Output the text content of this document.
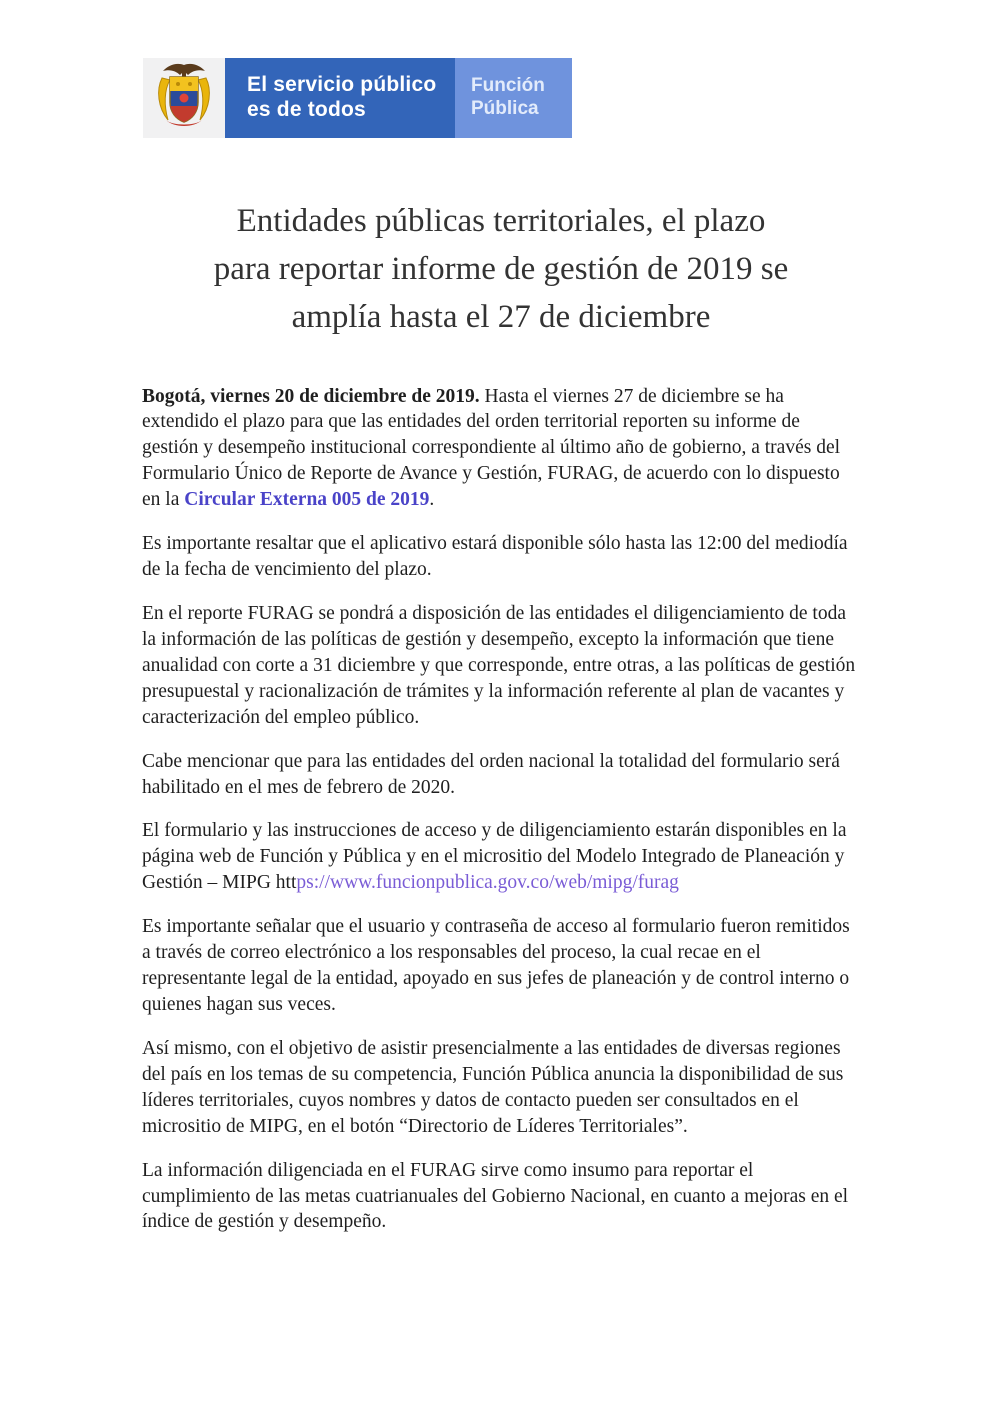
El servicio público
es de todos
Función
Pública
Entidades públicas territoriales, el plazo
para reportar informe de gestión de 2019 se
amplía hasta el 27 de diciembre

Bogotá, viernes 20 de diciembre de 2019. Hasta el viernes 27 de diciembre se ha extendido el plazo para que las entidades del orden territorial reporten su informe de gestión y desempeño institucional correspondiente al último año de gobierno, a través del Formulario Único de Reporte de Avance y Gestión, FURAG, de acuerdo con lo dispuesto en la Circular Externa 005 de 2019.

Es importante resaltar que el aplicativo estará disponible sólo hasta las 12:00 del mediodía de la fecha de vencimiento del plazo.

En el reporte FURAG se pondrá a disposición de las entidades el diligenciamiento de toda la información de las políticas de gestión y desempeño, excepto la información que tiene anualidad con corte a 31 diciembre y que corresponde, entre otras, a las políticas de gestión presupuestal y racionalización de trámites y la información referente al plan de vacantes y caracterización del empleo público.

Cabe mencionar que para las entidades del orden nacional la totalidad del formulario será habilitado en el mes de febrero de 2020.

El formulario y las instrucciones de acceso y de diligenciamiento estarán disponibles en la página web de Función y Pública y en el micrositio del Modelo Integrado de Planeación y Gestión – MIPG https://www.funcionpublica.gov.co/web/mipg/furag

Es importante señalar que el usuario y contraseña de acceso al formulario fueron remitidos a través de correo electrónico a los responsables del proceso, la cual recae en el representante legal de la entidad, apoyado en sus jefes de planeación y de control interno o quienes hagan sus veces.

Así mismo, con el objetivo de asistir presencialmente a las entidades de diversas regiones del país en los temas de su competencia, Función Pública anuncia la disponibilidad de sus líderes territoriales, cuyos nombres y datos de contacto pueden ser consultados en el micrositio de MIPG, en el botón “Directorio de Líderes Territoriales”.

La información diligenciada en el FURAG sirve como insumo para reportar el cumplimiento de las metas cuatrianuales del Gobierno Nacional, en cuanto a mejoras en el índice de gestión y desempeño.
